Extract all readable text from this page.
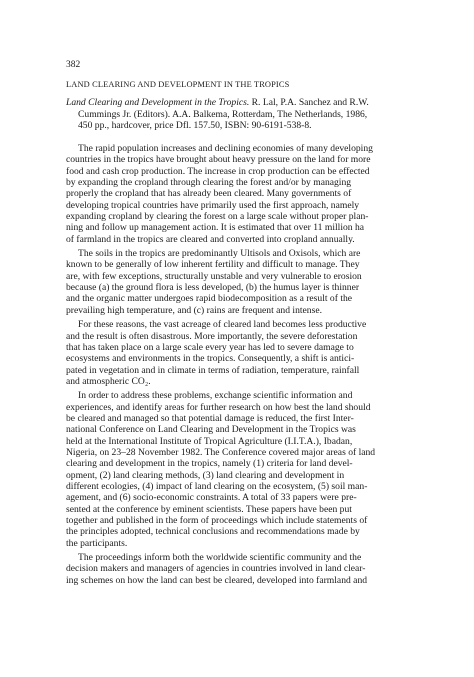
382
LAND CLEARING AND DEVELOPMENT IN THE TROPICS

Land Clearing and Development in the Tropics. R. Lal, P.A. Sanchez and R.W.

Cummings Jr. (Editors). A.A. Balkema, Rotterdam, The Netherlands, 1986,

450 pp., hardcover, price Dfl. 157.50, ISBN: 90-6191-538-8.

The rapid population increases and declining economies of many developing
countries in the tropics have brought about heavy pressure on the land for more
food and cash crop production. The increase in crop production can be effected
by expanding the cropland through clearing the forest and/or by managing
properly the cropland that has already been cleared. Many governments of
developing tropical countries have primarily used the first approach, namely
expanding cropland by clearing the forest on a large scale without proper plan-
ning and follow up management action. It is estimated that over 11 million ha
of farmland in the tropics are cleared and converted into cropland annually.
The soils in the tropics are predominantly Ultisols and Oxisols, which are
known to be generally of low inherent fertility and difficult to manage. They
are, with few exceptions, structurally unstable and very vulnerable to erosion
because (a) the ground flora is less developed, (b) the humus layer is thinner
and the organic matter undergoes rapid biodecomposition as a result of the
prevailing high temperature, and (c) rains are frequent and intense.
For these reasons, the vast acreage of cleared land becomes less productive
and the result is often disastrous. More importantly, the severe deforestation
that has taken place on a large scale every year has led to severe damage to
ecosystems and environments in the tropics. Consequently, a shift is antici-
pated in vegetation and in climate in terms of radiation, temperature, rainfall
and atmospheric CO₂.
In order to address these problems, exchange scientific information and
experiences, and identify areas for further research on how best the land should
be cleared and managed so that potential damage is reduced, the first Inter-
national Conference on Land Clearing and Development in the Tropics was
held at the International Institute of Tropical Agriculture (I.I.T.A.), Ibadan,
Nigeria, on 23–28 November 1982. The Conference covered major areas of land
clearing and development in the tropics, namely (1) criteria for land devel-
opment, (2) land clearing methods, (3) land clearing and development in
different ecologies, (4) impact of land clearing on the ecosystem, (5) soil man-
agement, and (6) socio-economic constraints. A total of 33 papers were pre-
sented at the conference by eminent scientists. These papers have been put
together and published in the form of proceedings which include statements of
the principles adopted, technical conclusions and recommendations made by
the participants.
The proceedings inform both the worldwide scientific community and the
decision makers and managers of agencies in countries involved in land clear-
ing schemes on how the land can best be cleared, developed into farmland and
